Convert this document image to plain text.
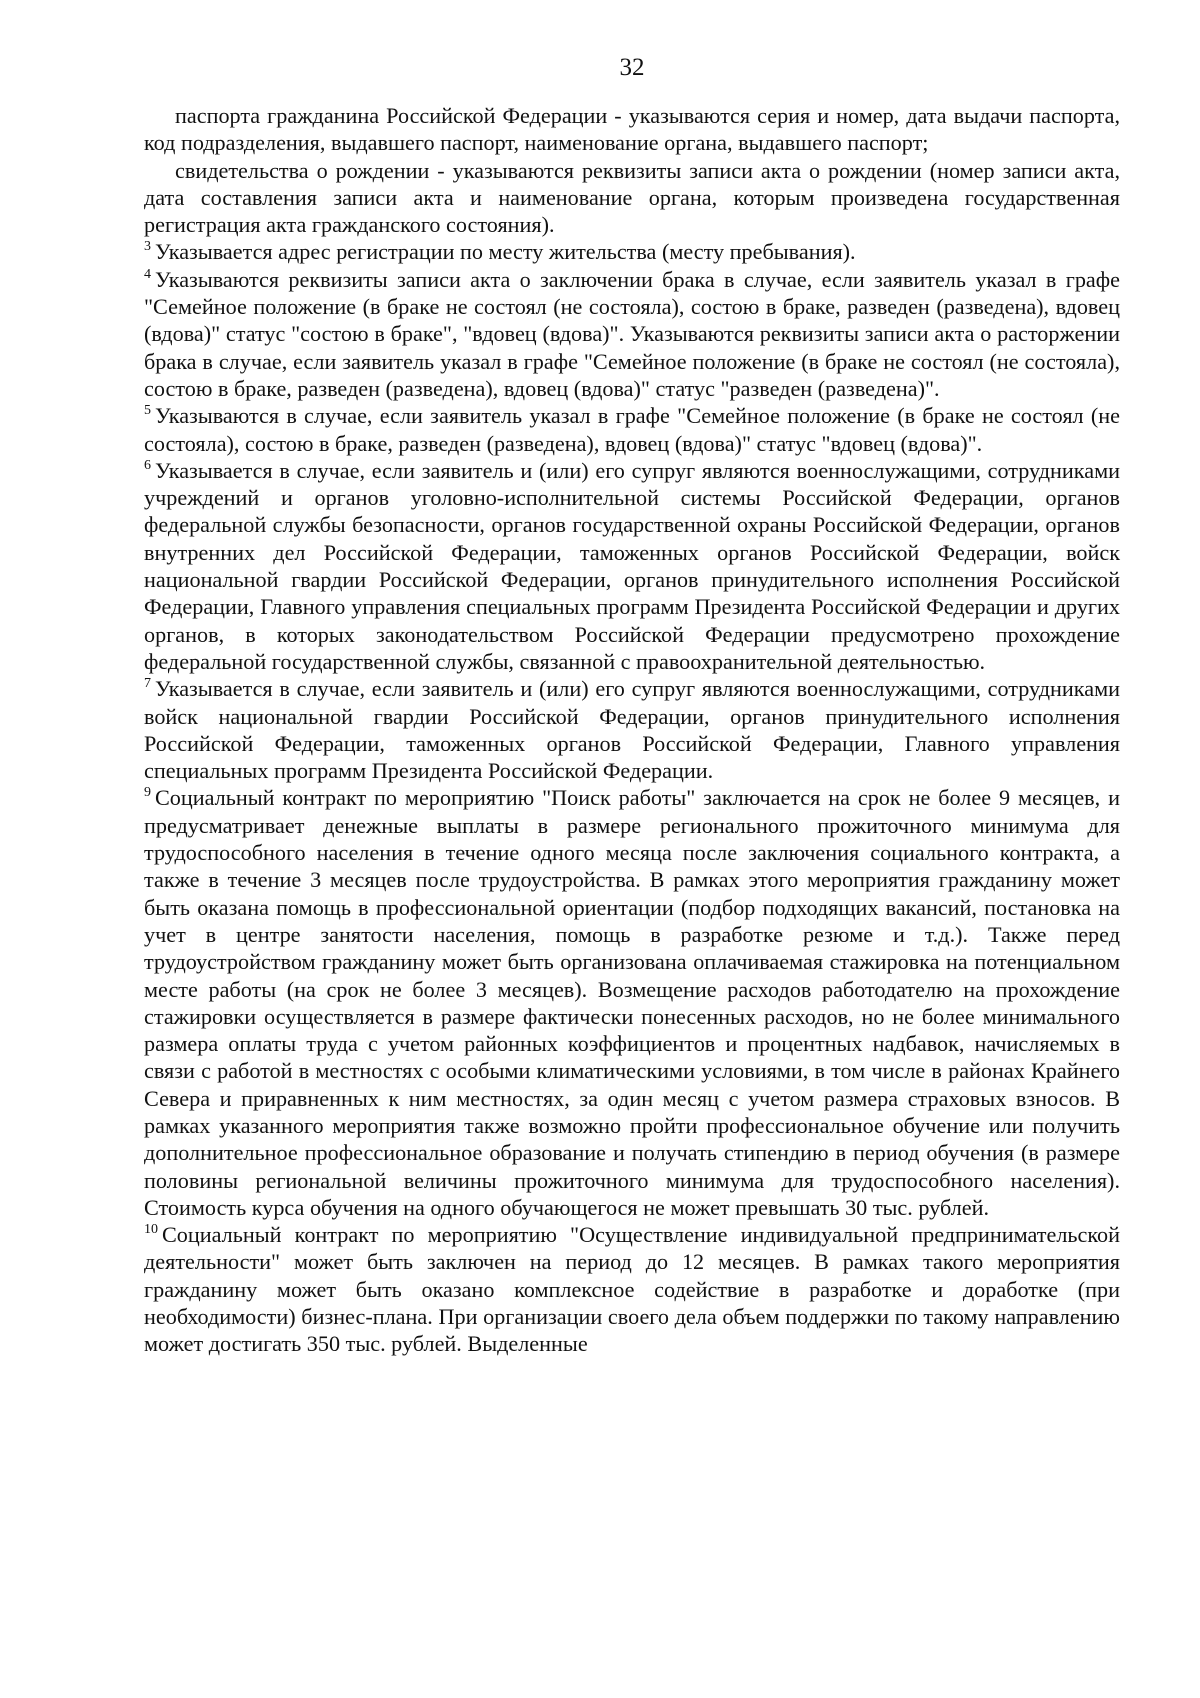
32

паспорта гражданина Российской Федерации - указываются серия и номер, дата выдачи паспорта, код подразделения, выдавшего паспорт, наименование органа, выдавшего паспорт;

свидетельства о рождении - указываются реквизиты записи акта о рождении (номер записи акта, дата составления записи акта и наименование органа, которым произведена государственная регистрация акта гражданского состояния).

$^3$ Указывается адрес регистрации по месту жительства (месту пребывания).

$^4$ Указываются реквизиты записи акта о заключении брака в случае, если заявитель указал в графе "Семейное положение (в браке не состоял (не состояла), состою в браке, разведен (разведена), вдовец (вдова)" статус "состою в браке", "вдовец (вдова)". Указываются реквизиты записи акта о расторжении брака в случае, если заявитель указал в графе "Семейное положение (в браке не состоял (не состояла), состою в браке, разведен (разведена), вдовец (вдова)" статус "разведен (разведена)".

$^5$ Указываются в случае, если заявитель указал в графе "Семейное положение (в браке не состоял (не состояла), состою в браке, разведен (разведена), вдовец (вдова)" статус "вдовец (вдова)".

$^6$ Указывается в случае, если заявитель и (или) его супруг являются военнослужащими, сотрудниками учреждений и органов уголовно-исполнительной системы Российской Федерации, органов федеральной службы безопасности, органов государственной охраны Российской Федерации, органов внутренних дел Российской Федерации, таможенных органов Российской Федерации, войск национальной гвардии Российской Федерации, органов принудительного исполнения Российской Федерации, Главного управления специальных программ Президента Российской Федерации и других органов, в которых законодательством Российской Федерации предусмотрено прохождение федеральной государственной службы, связанной с правоохранительной деятельностью.

$^7$ Указывается в случае, если заявитель и (или) его супруг являются военнослужащими, сотрудниками войск национальной гвардии Российской Федерации, органов принудительного исполнения Российской Федерации, таможенных органов Российской Федерации, Главного управления специальных программ Президента Российской Федерации.

$^9$ Социальный контракт по мероприятию "Поиск работы" заключается на срок не более 9 месяцев, и предусматривает денежные выплаты в размере регионального прожиточного минимума для трудоспособного населения в течение одного месяца после заключения социального контракта, а также в течение 3 месяцев после трудоустройства. В рамках этого мероприятия гражданину может быть оказана помощь в профессиональной ориентации (подбор подходящих вакансий, постановка на учет в центре занятости населения, помощь в разработке резюме и т.д.). Также перед трудоустройством гражданину может быть организована оплачиваемая стажировка на потенциальном месте работы (на срок не более 3 месяцев). Возмещение расходов работодателю на прохождение стажировки осуществляется в размере фактически понесенных расходов, но не более минимального размера оплаты труда с учетом районных коэффициентов и процентных надбавок, начисляемых в связи с работой в местностях с особыми климатическими условиями, в том числе в районах Крайнего Севера и приравненных к ним местностях, за один месяц с учетом размера страховых взносов. В рамках указанного мероприятия также возможно пройти профессиональное обучение или получить дополнительное профессиональное образование и получать стипендию в период обучения (в размере половины региональной величины прожиточного минимума для трудоспособного населения). Стоимость курса обучения на одного обучающегося не может превышать 30 тыс. рублей.

$^{10}$ Социальный контракт по мероприятию "Осуществление индивидуальной предпринимательской деятельности" может быть заключен на период до 12 месяцев. В рамках такого мероприятия гражданину может быть оказано комплексное содействие в разработке и доработке (при необходимости) бизнес-плана. При организации своего дела объем поддержки по такому направлению может достигать 350 тыс. рублей. Выделенные
